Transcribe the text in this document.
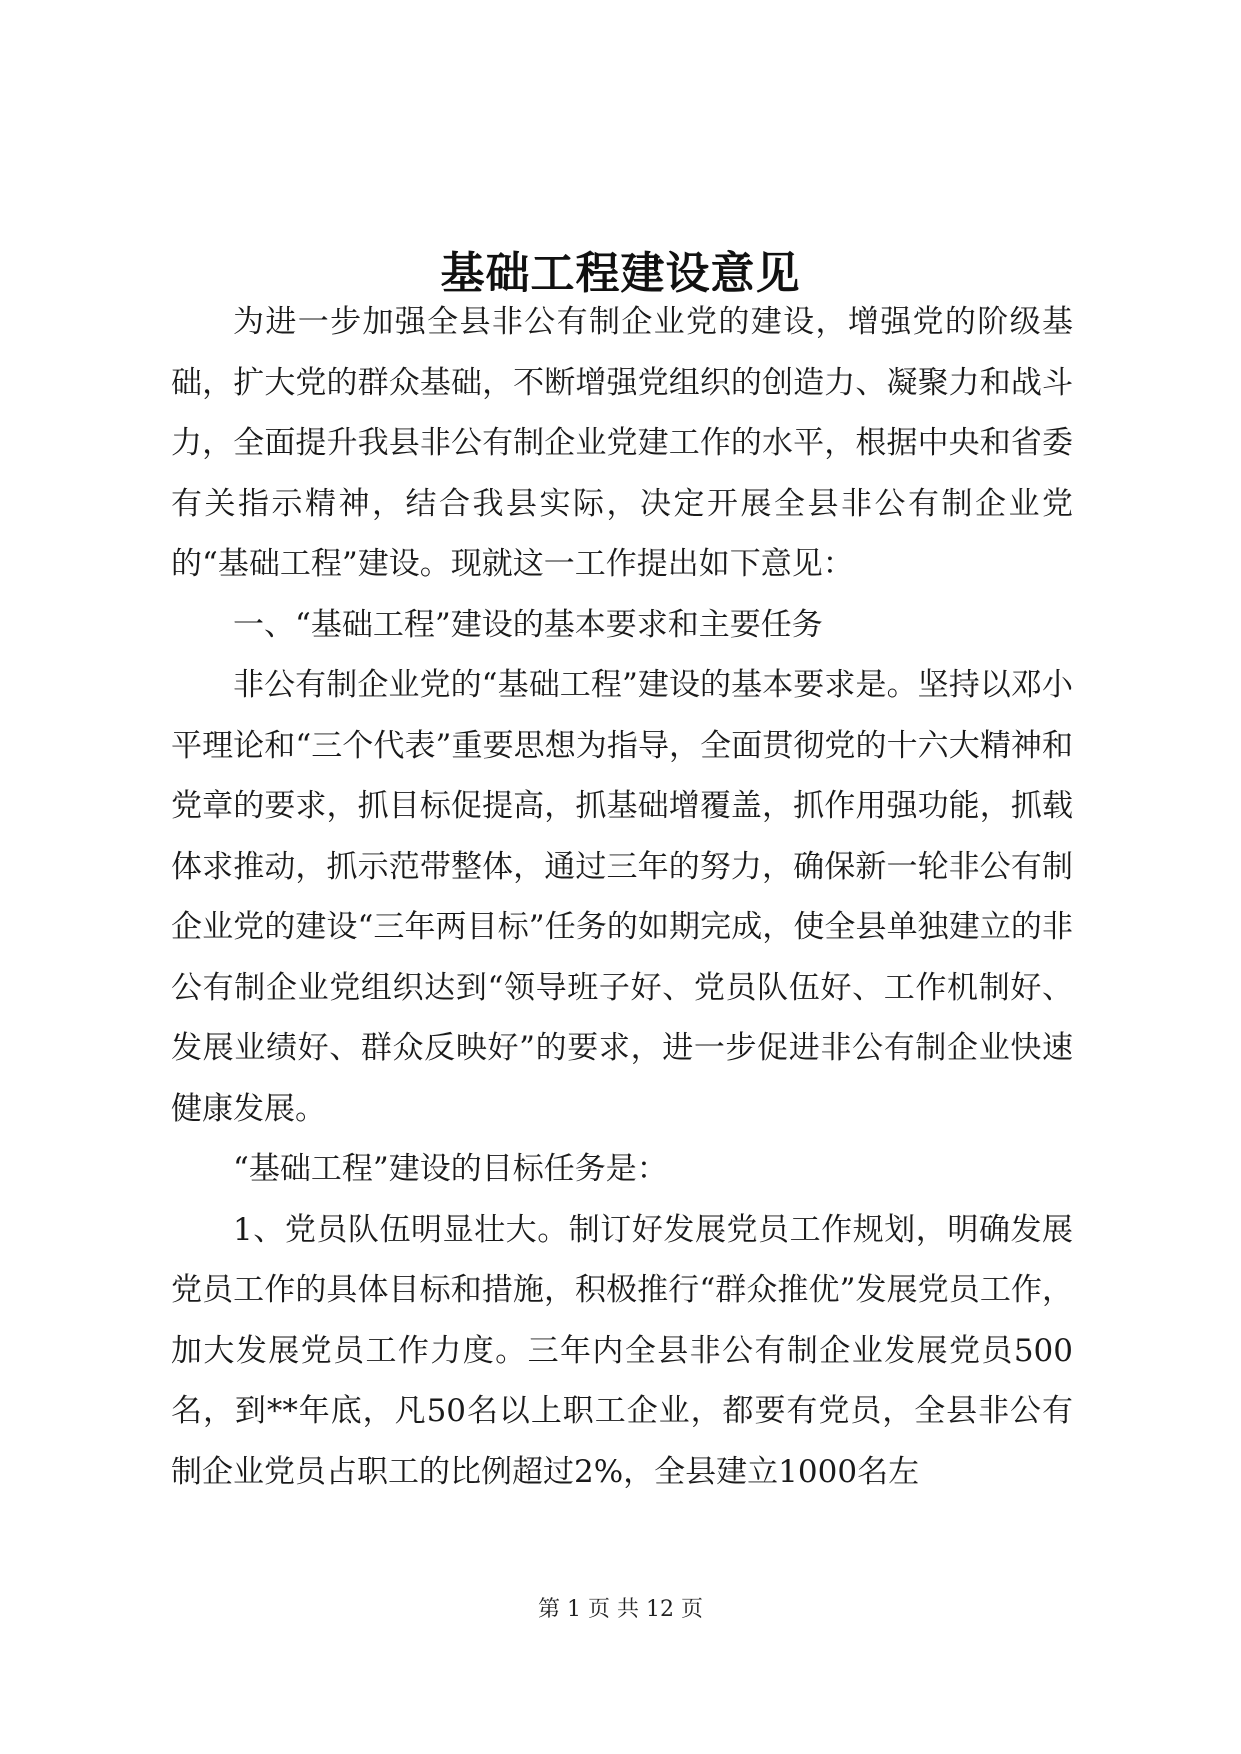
基础工程建设意见

为进一步加强全县非公有制企业党的建设，增强党的阶级基础，扩大党的群众基础，不断增强党组织的创造力、凝聚力和战斗力，全面提升我县非公有制企业党建工作的水平，根据中央和省委有关指示精神，结合我县实际，决定开展全县非公有制企业党的“基础工程”建设。现就这一工作提出如下意见：

一、“基础工程”建设的基本要求和主要任务

非公有制企业党的“基础工程”建设的基本要求是。坚持以邓小平理论和“三个代表”重要思想为指导，全面贯彻党的十六大精神和党章的要求，抓目标促提高，抓基础增覆盖，抓作用强功能，抓载体求推动，抓示范带整体，通过三年的努力，确保新一轮非公有制企业党的建设“三年两目标”任务的如期完成，使全县单独建立的非公有制企业党组织达到“领导班子好、党员队伍好、工作机制好、发展业绩好、群众反映好”的要求，进一步促进非公有制企业快速健康发展。

“基础工程”建设的目标任务是：

1、党员队伍明显壮大。制订好发展党员工作规划，明确发展党员工作的具体目标和措施，积极推行“群众推优”发展党员工作，加大发展党员工作力度。三年内全县非公有制企业发展党员500名，到**年底，凡50名以上职工企业，都要有党员，全县非公有制企业党员占职工的比例超过2%，全县建立1000名左

第 1 页 共 12 页
